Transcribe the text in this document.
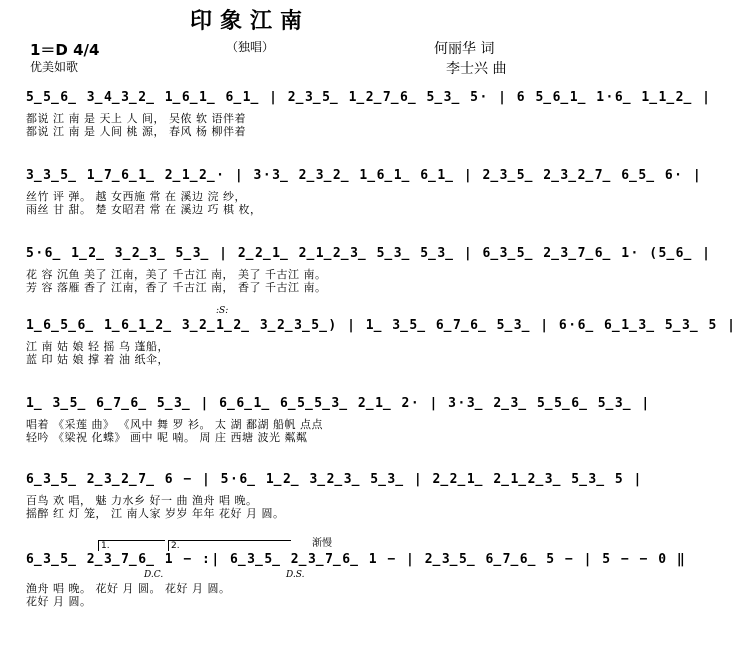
印象江南
（独唱）
1＝D 4/4
优美如歌
何丽华 词
李士兴 曲
5̲5̲6̲ 3̲4̲3̲2̲ 1̲6̲1̲ 6̲1̲ | 2̲3̲5̲ 1̲2̲7̲6̲ 5̲3̲ 5· | 6 5̲6̲1̲ 1·6̲ 1̲1̲2̲ |
都说 江 南 是 天上 人 间， 吴侬 软 语伴着
都说 江 南 是 人间 桃 源， 春风 杨 柳伴着
3̲3̲5̲ 1̲7̲6̲1̲ 2̲1̲2̲· | 3·3̲ 2̲3̲2̲ 1̲6̲1̲ 6̲1̲ | 2̲3̲5̲ 2̲3̲2̲7̲ 6̲5̲ 6· |
丝竹 评 弹。 越 女西施 常 在 溪边 浣 纱，
雨丝 甘 甜。 楚 女昭君 常 在 溪边 巧 棋 枚，
5·6̲ 1̲2̲ 3̲2̲3̲ 5̲3̲ | 2̲2̲1̲ 2̲1̲2̲3̲ 5̲3̲ 5̲3̲ | 6̲3̲5̲ 2̲3̲7̲6̲ 1· (5̲6̲ |
花 容 沉鱼 美了 江南，美了 千古江 南， 美了 千古江 南。
芳 容 落雁 香了 江南，香了 千古江 南， 香了 千古江 南。
:S:
1̲6̲5̲6̲ 1̲6̲1̲2̲ 3̲2̲1̲2̲ 3̲2̲3̲5̲) | 1̲ 3̲5̲ 6̲7̲6̲ 5̲3̲ | 6·6̲ 6̲1̲3̲ 5̲3̲ 5 |
江 南 姑 娘 轻 摇 乌 蓬船，
蓝 印 姑 娘 撑 着 油 纸伞，
1̲ 3̲5̲ 6̲7̲6̲ 5̲3̲ | 6̲6̲1̲ 6̲5̲5̲3̲ 2̲1̲ 2· | 3·3̲ 2̲3̲ 5̲5̲6̲ 5̲3̲ |
唱着 《采莲 曲》 《风中 舞 罗 衫。 太 湖 鄱湖 船帆 点点
轻吟 《梁祝 化蝶》 画中 呢 喃。 周 庄 西塘 波光 粼粼
6̲3̲5̲ 2̲3̲2̲7̲ 6 − | 5·6̲ 1̲2̲ 3̲2̲3̲ 5̲3̲ | 2̲2̲1̲ 2̲1̲2̲3̲ 5̲3̲ 5 |
百鸟 欢 唱， 魅 力水乡 好一 曲 渔舟 唱 晚。
摇醉 红 灯 笼， 江 南人家 岁岁 年年 花好 月 圆。
1.	2.	渐慢
6̲3̲5̲ 2̲3̲7̲6̲ 1 − :| 6̲3̲5̲ 2̲3̲7̲6̲ 1 − | 2̲3̲5̲ 6̲7̲6̲ 5 − | 5 − − 0 ‖
D.C.	D.S.
渔舟 唱 晚。 花好 月 圆。 花好 月 圆。
花好 月 圆。
